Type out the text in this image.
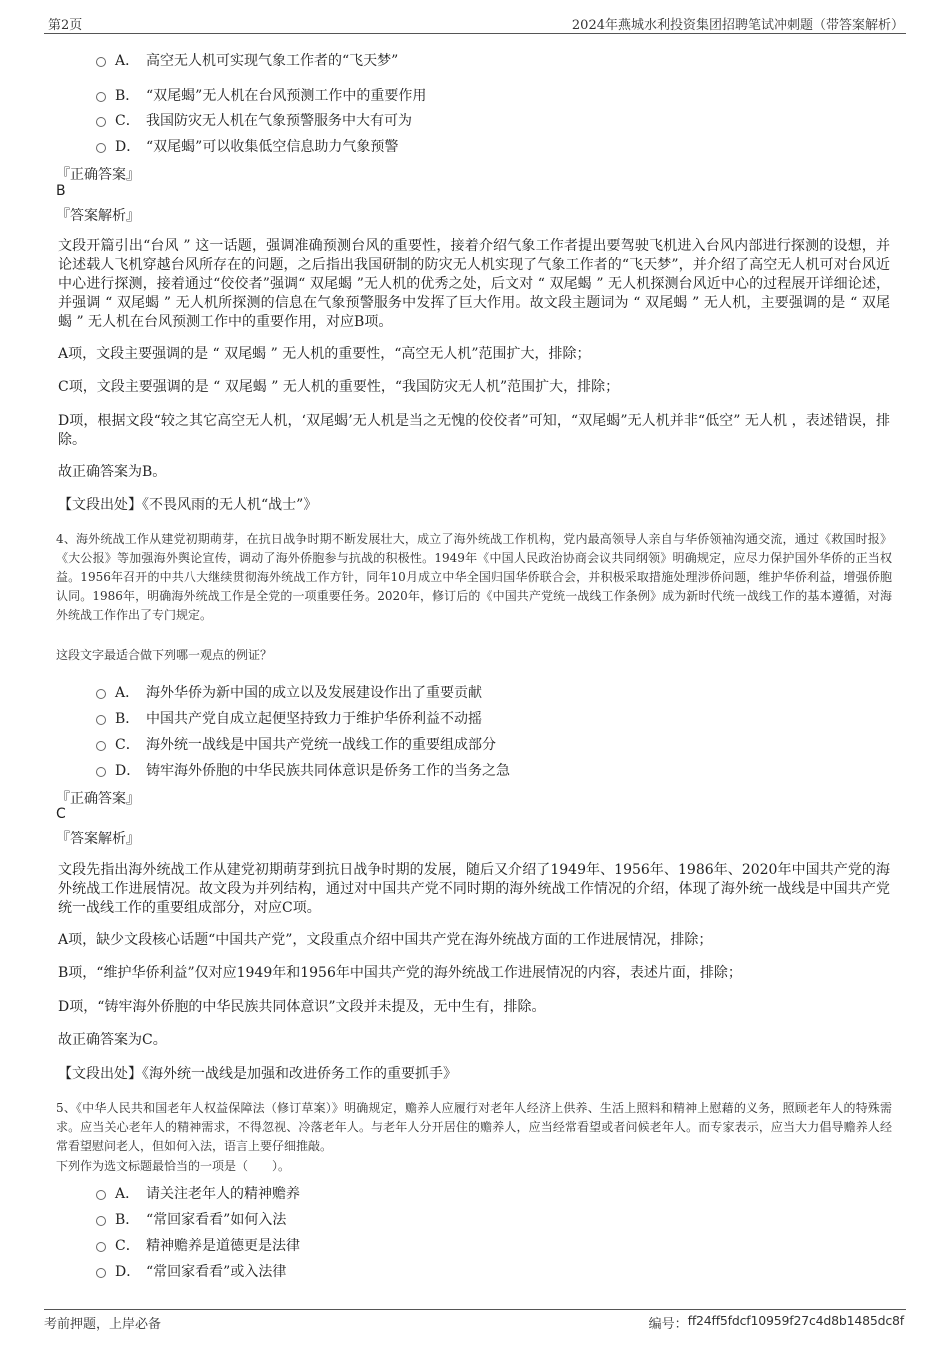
第2页	2024年燕城水利投资集团招聘笔试冲刺题（带答案解析）
A． 高空无人机可实现气象工作者的“飞天梦”
B． “双尾蝎”无人机在台风预测工作中的重要作用
C． 我国防灾无人机在气象预警服务中大有可为
D． “双尾蝎”可以收集低空信息助力气象预警
『正确答案』
B
『答案解析』
文段开篇引出“台风 ” 这一话题，强调准确预测台风的重要性，接着介绍气象工作者提出要驾驶飞机进入台风内部进行探测的设想，并论述载人飞机穿越台风所存在的问题，之后指出我国研制的防灾无人机实现了气象工作者的“飞天梦”，并介绍了高空无人机可对台风近中心进行探测，接着通过“佼佼者”强调“ 双尾蝎 ”无人机的优秀之处，后文对 “ 双尾蝎 ” 无人机探测台风近中心的过程展开详细论述，并强调 “ 双尾蝎 ” 无人机所探测的信息在气象预警服务中发挥了巨大作用。故文段主题词为 “ 双尾蝎 ” 无人机，主要强调的是 “ 双尾蝎 ” 无人机在台风预测工作中的重要作用，对应B项。
A项，文段主要强调的是 “ 双尾蝎 ” 无人机的重要性，“高空无人机”范围扩大，排除；
C项，文段主要强调的是 “ 双尾蝎 ” 无人机的重要性，“我国防灾无人机”范围扩大，排除；
D项，根据文段“较之其它高空无人机，‘双尾蝎’无人机是当之无愧的佼佼者”可知，“双尾蝎”无人机并非“低空” 无人机 ，表述错误，排除。
故正确答案为B。
【文段出处】《不畏风雨的无人机“战士”》
4、海外统战工作从建党初期萌芽，在抗日战争时期不断发展壮大，成立了海外统战工作机构，党内最高领导人亲自与华侨领袖沟通交流，通过《救国时报》《大公报》等加强海外舆论宣传，调动了海外侨胞参与抗战的积极性。1949年《中国人民政治协商会议共同纲领》明确规定，应尽力保护国外华侨的正当权益。1956年召开的中共八大继续贯彻海外统战工作方针，同年10月成立中华全国归国华侨联合会，并积极采取措施处理涉侨问题，维护华侨利益，增强侨胞认同。1986年，明确海外统战工作是全党的一项重要任务。2020年，修订后的《中国共产党统一战线工作条例》成为新时代统一战线工作的基本遵循，对海外统战工作作出了专门规定。
这段文字最适合做下列哪一观点的例证？
A． 海外华侨为新中国的成立以及发展建设作出了重要贡献
B． 中国共产党自成立起便坚持致力于维护华侨利益不动摇
C． 海外统一战线是中国共产党统一战线工作的重要组成部分
D． 铸牢海外侨胞的中华民族共同体意识是侨务工作的当务之急
『正确答案』
C
『答案解析』
文段先指出海外统战工作从建党初期萌芽到抗日战争时期的发展，随后又介绍了1949年、1956年、1986年、2020年中国共产党的海外统战工作进展情况。故文段为并列结构，通过对中国共产党不同时期的海外统战工作情况的介绍，体现了海外统一战线是中国共产党统一战线工作的重要组成部分，对应C项。
A项，缺少文段核心话题“中国共产党”，文段重点介绍中国共产党在海外统战方面的工作进展情况，排除；
B项，“维护华侨利益”仅对应1949年和1956年中国共产党的海外统战工作进展情况的内容，表述片面，排除；
D项，“铸牢海外侨胞的中华民族共同体意识”文段并未提及，无中生有，排除。
故正确答案为C。
【文段出处】《海外统一战线是加强和改进侨务工作的重要抓手》
5、《中华人民共和国老年人权益保障法（修订草案）》明确规定，赡养人应履行对老年人经济上供养、生活上照料和精神上慰藉的义务，照顾老年人的特殊需求。应当关心老年人的精神需求，不得忽视、冷落老年人。与老年人分开居住的赡养人，应当经常看望或者问候老年人。而专家表示，应当大力倡导赡养人经常看望慰问老人，但如何入法，语言上要仔细推敲。
下列作为选文标题最恰当的一项是（　　）。
A． 请关注老年人的精神赡养
B． “常回家看看”如何入法
C． 精神赡养是道德更是法律
D． “常回家看看”或入法律
考前押题，上岸必备	编号： ff24ff5fdcf10959f27c4d8b1485dc8f
